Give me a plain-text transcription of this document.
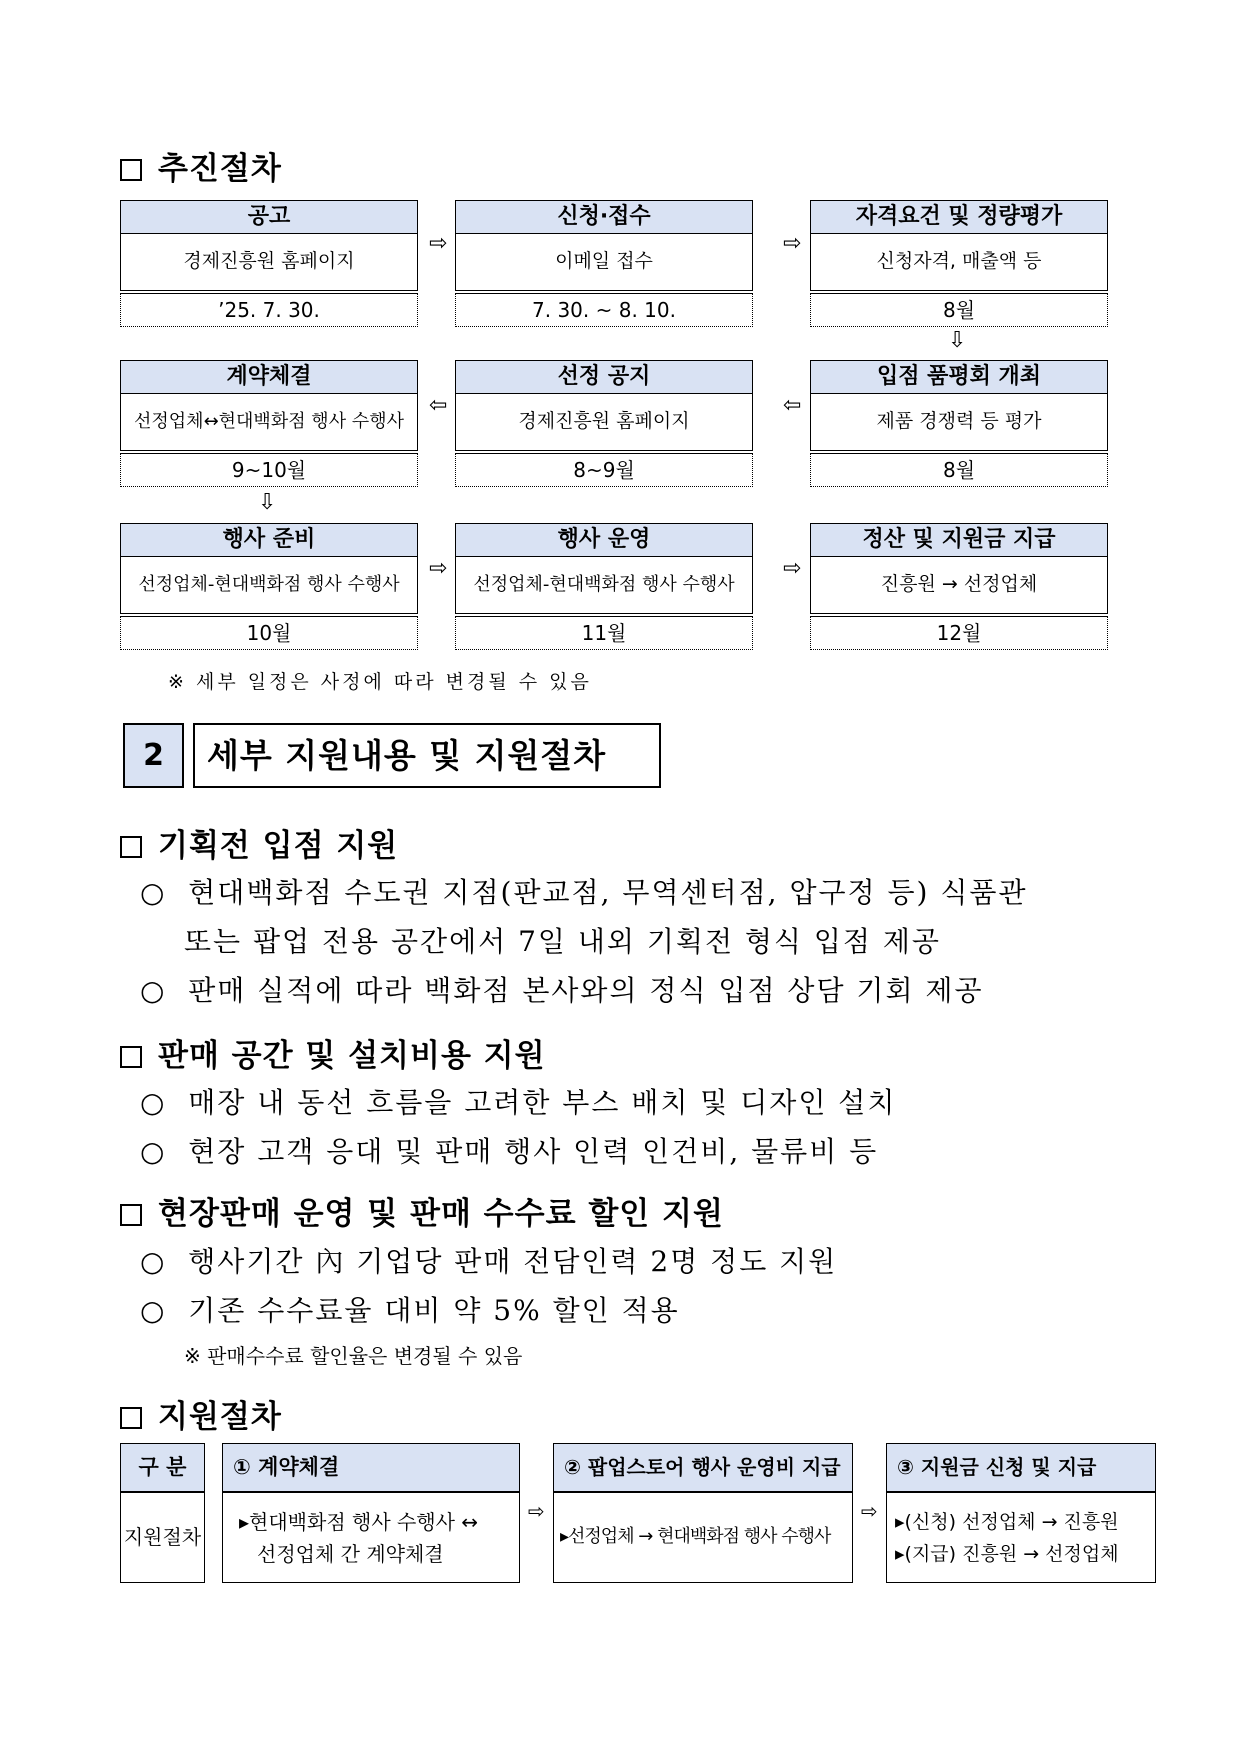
추진절차
공고
경제진흥원 홈페이지
’25. 7. 30.
⇨
신청·접수
이메일 접수
7. 30. ~ 8. 10.
⇨
자격요건 및 정량평가
신청자격, 매출액 등
8월
⇩
계약체결
선정업체↔현대백화점 행사 수행사
9~10월
⇦
선정 공지
경제진흥원 홈페이지
8~9월
⇦
입점 품평회 개최
제품 경쟁력 등 평가
8월
⇩
행사 준비
선정업체-현대백화점 행사 수행사
10월
⇨
행사 운영
선정업체-현대백화점 행사 수행사
11월
⇨
정산 및 지원금 지급
진흥원 → 선정업체
12월
※ 세부 일정은 사정에 따라 변경될 수 있음
2	세부 지원내용 및 지원절차
기획전 입점 지원
○ 현대백화점 수도권 지점(판교점, 무역센터점, 압구정 등) 식품관
또는 팝업 전용 공간에서 7일 내외 기획전 형식 입점 제공
○ 판매 실적에 따라 백화점 본사와의 정식 입점 상담 기회 제공
판매 공간 및 설치비용 지원
○ 매장 내 동선 흐름을 고려한 부스 배치 및 디자인 설치
○ 현장 고객 응대 및 판매 행사 인력 인건비, 물류비 등
현장판매 운영 및 판매 수수료 할인 지원
○ 행사기간 內 기업당 판매 전담인력 2명 정도 지원
○ 기존 수수료율 대비 약 5% 할인 적용
※ 판매수수료 할인율은 변경될 수 있음
지원절차
구 분
지원절차
① 계약체결
▸현대백화점 행사 수행사 ↔
선정업체 간 계약체결
⇨
② 팝업스토어 행사 운영비 지급
▸선정업체 → 현대백화점 행사 수행사
⇨
③ 지원금 신청 및 지급
▸(신청) 선정업체 → 진흥원
▸(지급) 진흥원 → 선정업체
